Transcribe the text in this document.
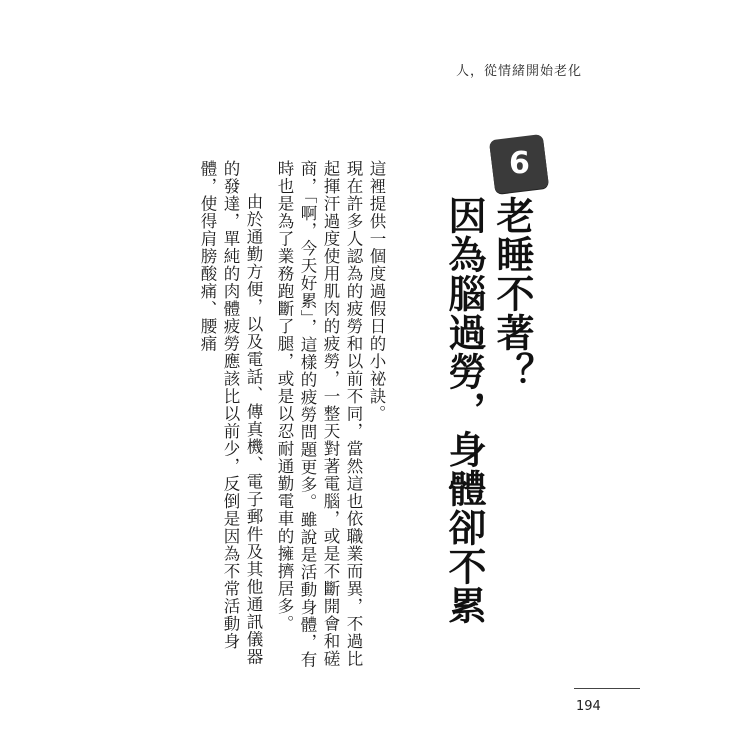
人，從情緒開始老化
6
老睡不著？
因為腦過勞，身體卻不累

這裡提供一個度過假日的小祕訣。

現在許多人認為的疲勞和以前不同，當然這也依職業而異，不過比起揮汗過度使用肌肉的疲勞，一整天對著電腦，或是不斷開會和磋商，「啊，今天好累」，這樣的疲勞問題更多。雖說是活動身體，有時也是為了業務跑斷了腿，或是以忍耐通勤電車的擁擠居多。

由於通勤方便，以及電話、傳真機、電子郵件及其他通訊儀器的發達，單純的肉體疲勞應該比以前少，反倒是因為不常活動身體，使得肩膀酸痛、腰痛

194
